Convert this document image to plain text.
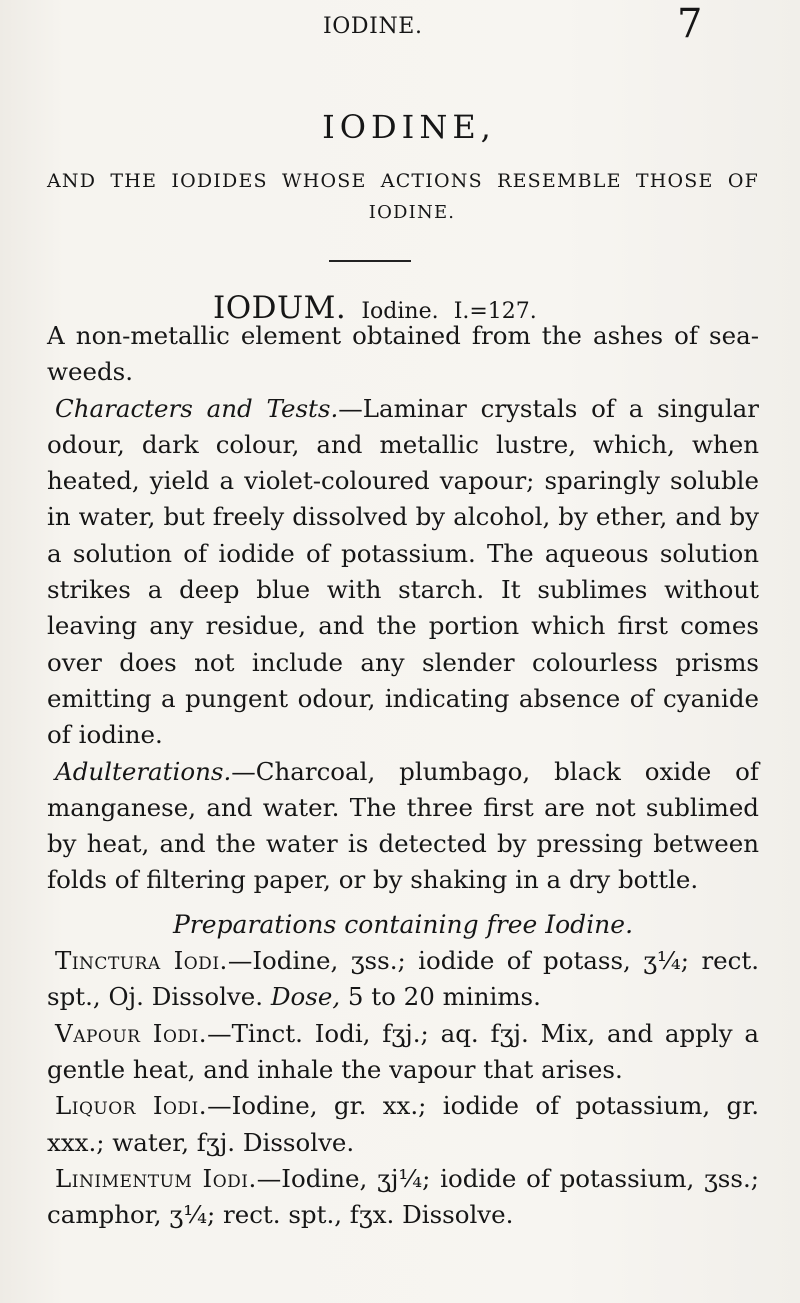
IODINE.	7
IODINE,
AND THE IODIDES WHOSE ACTIONS RESEMBLE THOSE OF
IODINE.
IODUM. Iodine. I.=127.

A non-metallic element obtained from the ashes of sea-weeds.

Characters and Tests.—Laminar crystals of a singular odour, dark colour, and metallic lustre, which, when heated, yield a violet-coloured vapour; sparingly soluble in water, but freely dissolved by alcohol, by ether, and by a solution of iodide of potassium. The aqueous solution strikes a deep blue with starch. It sublimes without leaving any residue, and the portion which first comes over does not include any slender colourless prisms emitting a pungent odour, indicating absence of cyanide of iodine.

Adulterations.—Charcoal, plumbago, black oxide of manganese, and water. The three first are not sublimed by heat, and the water is detected by pressing between folds of filtering paper, or by shaking in a dry bottle.

Preparations containing free Iodine.

Tinctura Iodi.—Iodine, ʒss.; iodide of potass, ʒ¼; rect. spt., Oj. Dissolve. Dose, 5 to 20 minims.

Vapour Iodi.—Tinct. Iodi, fʒj.; aq. fʒj. Mix, and apply a gentle heat, and inhale the vapour that arises.

Liquor Iodi.—Iodine, gr. xx.; iodide of potassium, gr. xxx.; water, fʒj. Dissolve.

Linimentum Iodi.—Iodine, ʒj¼; iodide of potassium, ʒss.; camphor, ʒ¼; rect. spt., fʒx. Dissolve.
